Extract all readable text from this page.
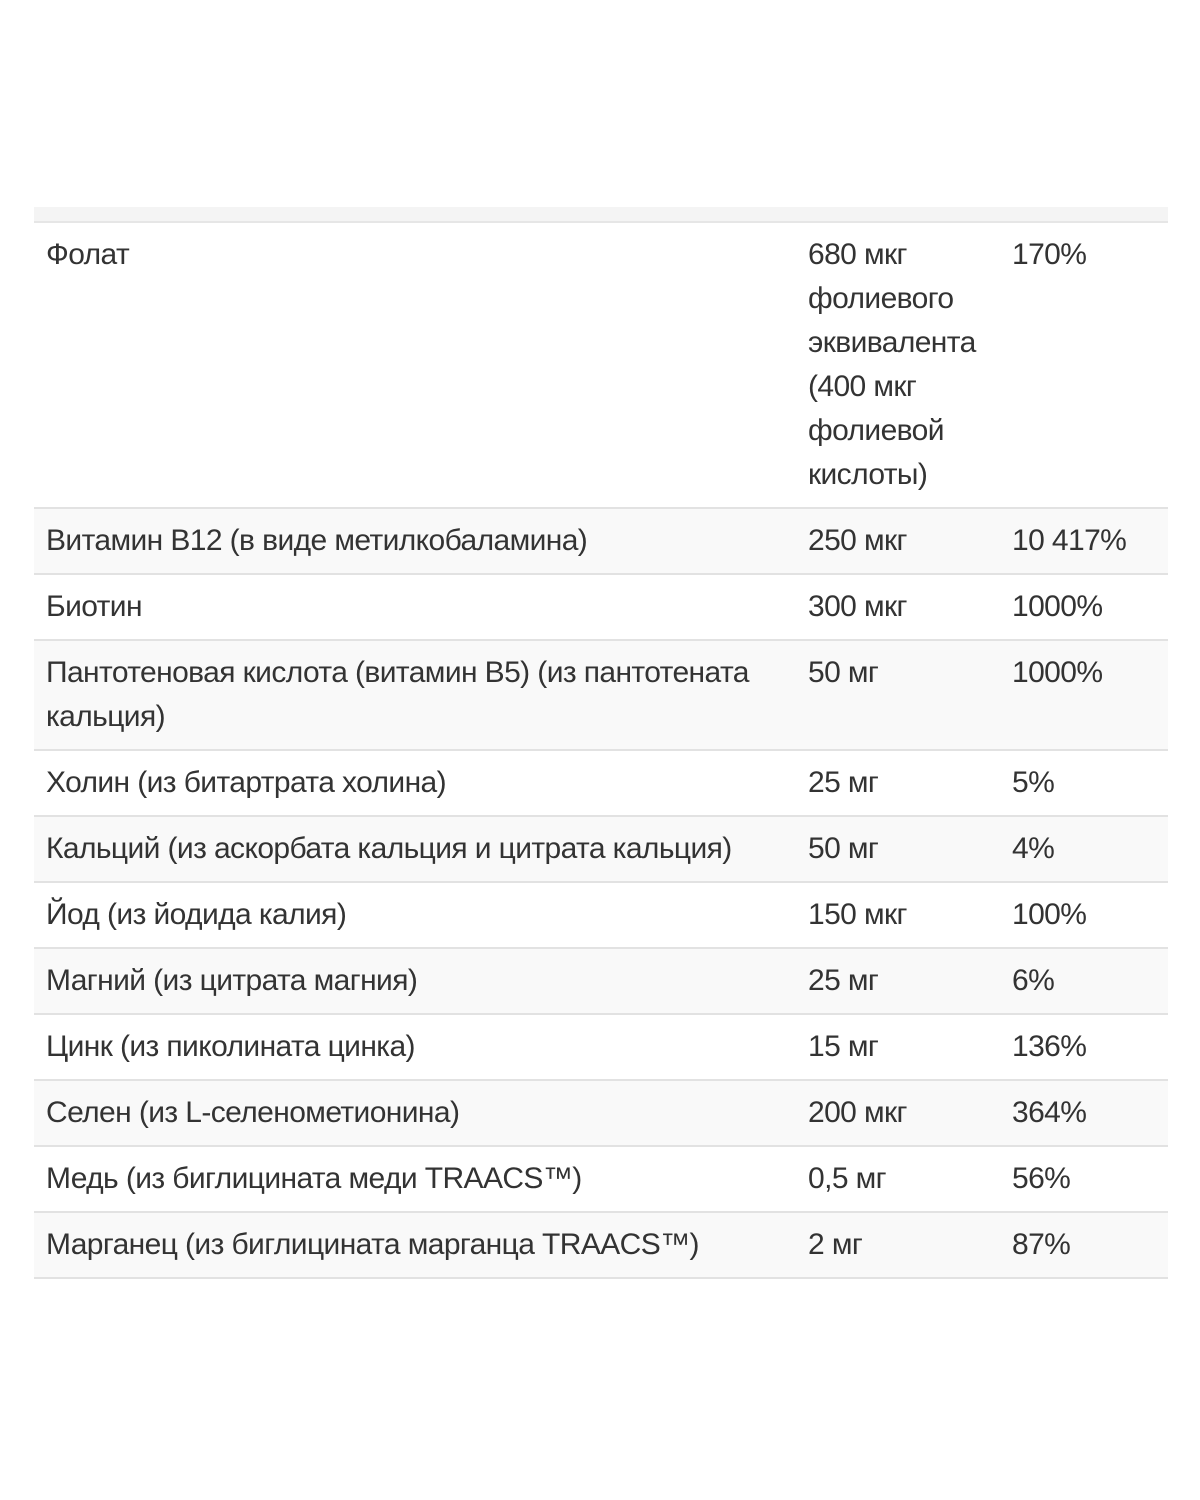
Фолат	680 мкг фолиевого эквивалента (400 мкг фолиевой кислоты)	170%
Витамин B12 (в виде метилкобаламина)	250 мкг	10 417%
Биотин	300 мкг	1000%
Пантотеновая кислота (витамин B5) (из пантотената кальция)	50 мг	1000%
Холин (из битартрата холина)	25 мг	5%
Кальций (из аскорбата кальция и цитрата кальция)	50 мг	4%
Йод (из йодида калия)	150 мкг	100%
Магний (из цитрата магния)	25 мг	6%
Цинк (из пиколината цинка)	15 мг	136%
Селен (из L-селенометионина)	200 мкг	364%
Медь (из биглицината меди TRAACS™)	0,5 мг	56%
Марганец (из биглицината марганца TRAACS™)	2 мг	87%
